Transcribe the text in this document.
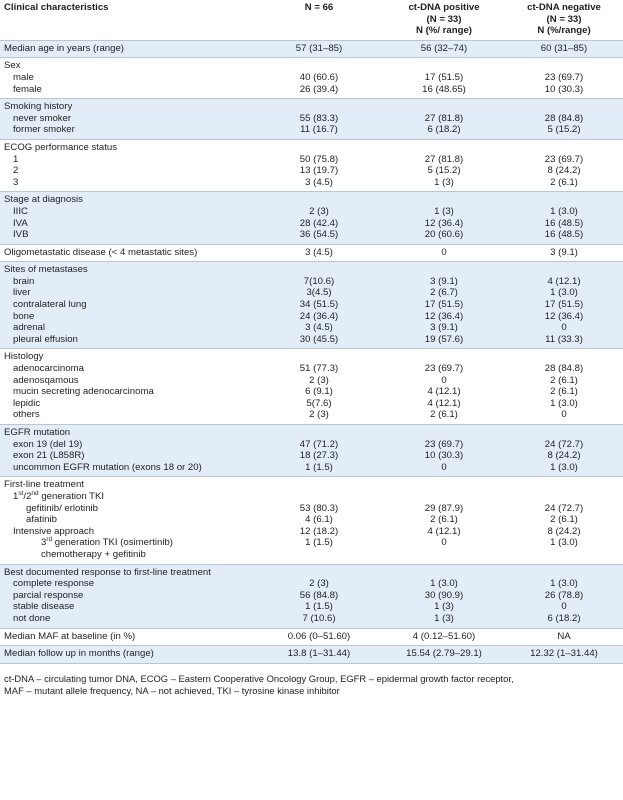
Clinical characteristics	N = 66	ct-DNA positive
(N = 33)
N (%/ range)	ct-DNA negative
(N = 33)
N (%/range)
Median age in years (range)	57 (31–85)	56 (32–74)	60 (31–85)
Sex			
male	40 (60.6)	17 (51.5)	23 (69.7)
female	26 (39.4)	16 (48.65)	10 (30.3)
Smoking history			
never smoker	55 (83.3)	27 (81.8)	28 (84.8)
former smoker	11 (16.7)	6 (18.2)	5 (15.2)
ECOG performance status			
1	50 (75.8)	27 (81.8)	23 (69.7)
2	13 (19.7)	5 (15.2)	8 (24.2)
3	3 (4.5)	1 (3)	2 (6.1)
Stage at diagnosis			
IIIC	2 (3)	1 (3)	1 (3.0)
IVA	28 (42.4)	12 (36.4)	16 (48.5)
IVB	36 (54.5)	20 (60.6)	16 (48.5)
Oligometastatic disease (< 4 metastatic sites)	3 (4.5)	0	3 (9.1)
Sites of metastases			
brain	7(10.6)	3 (9.1)	4 (12.1)
liver	3(4.5)	2 (6.7)	1 (3.0)
contralateral lung	34 (51.5)	17 (51.5)	17 (51.5)
bone	24 (36.4)	12 (36.4)	12 (36.4)
adrenal	3 (4.5)	3 (9.1)	0
pleural effusion	30 (45.5)	19 (57.6)	11 (33.3)
Histology			
adenocarcinoma	51 (77.3)	23 (69.7)	28 (84.8)
adenosqamous	2 (3)	0	2 (6.1)
mucin secreting adenocarcinoma	6 (9.1)	4 (12.1)	2 (6.1)
lepidic	5(7.6)	4 (12.1)	1 (3.0)
others	2 (3)	2 (6.1)	0
EGFR mutation			
exon 19 (del 19)	47 (71.2)	23 (69.7)	24 (72.7)
exon 21 (L858R)	18 (27.3)	10 (30.3)	8 (24.2)
uncommon EGFR mutation (exons 18 or 20)	1 (1.5)	0	1 (3.0)
First-line treatment			
1st/2nd generation TKI			
gefitinib/ erlotinib	53 (80.3)	29 (87.9)	24 (72.7)
afatinib	4 (6.1)	2 (6.1)	2 (6.1)
Intensive approach	12 (18.2)	4 (12.1)	8 (24.2)
3rd generation TKI (osimertinib)	1 (1.5)	0	1 (3.0)
chemotherapy + gefitinib			
Best documented response to first-line treatment			
complete response	2 (3)	1 (3.0)	1 (3.0)
parcial response	56 (84.8)	30 (90.9)	26 (78.8)
stable disease	1 (1.5)	1 (3)	0
not done	7 (10.6)	1 (3)	6 (18.2)
Median MAF at baseline (in %)	0.06 (0–51.60)	4 (0.12–51.60)	NA
Median follow up in months (range)	13.8 (1–31.44)	15.54 (2.79–29.1)	12.32 (1–31.44)
ct-DNA – circulating tumor DNA, ECOG – Eastern Cooperative Oncology Group, EGFR – epidermal growth factor receptor,
MAF – mutant allele frequency, NA – not achieved, TKI – tyrosine kinase inhibitor
